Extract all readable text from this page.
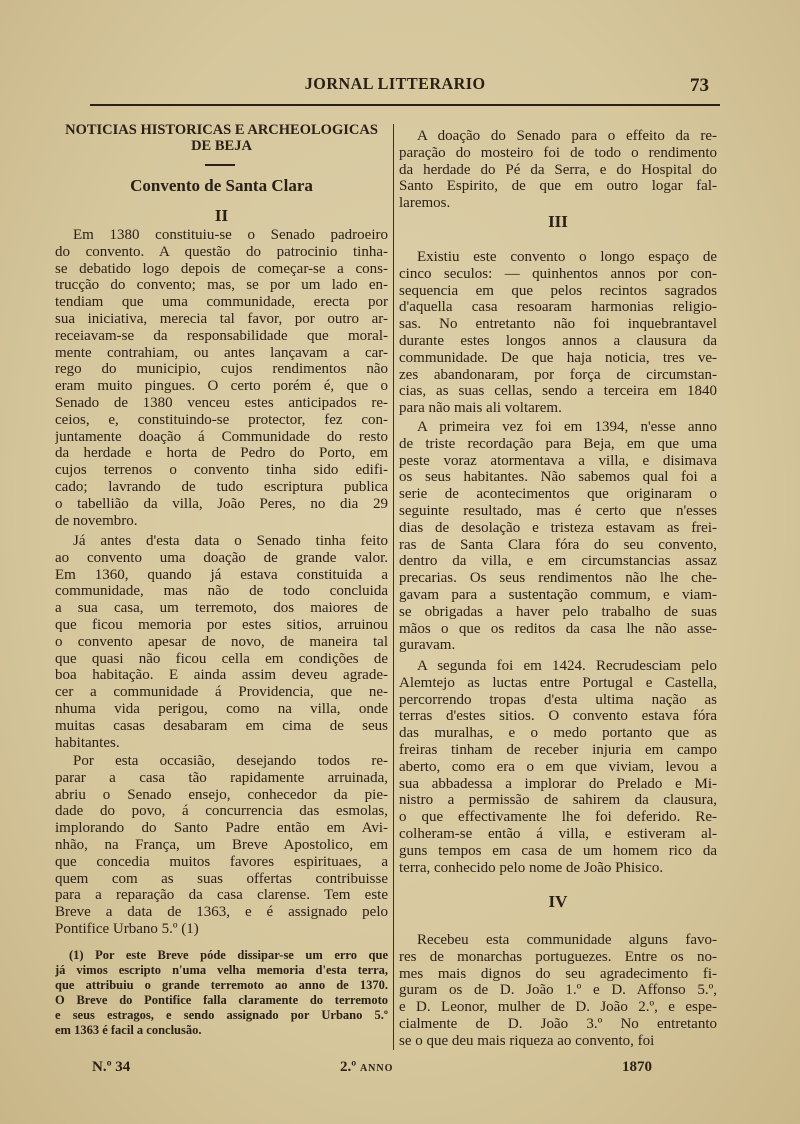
JORNAL LITTERARIO	73
NOTICIAS HISTORICAS E ARCHEOLOGICAS
DE BEJA
Convento de Santa Clara
II
Em 1380 constituiu-se o Senado padroeiro
do convento. A questão do patrocinio tinha-
se debatido logo depois de começar-se a cons-
trucção do convento; mas, se por um lado en-
tendiam que uma communidade, erecta por
sua iniciativa, merecia tal favor, por outro ar-
receiavam-se da responsabilidade que moral-
mente contrahiam, ou antes lançavam a car-
rego do municipio, cujos rendimentos não
eram muito pingues. O certo porém é, que o
Senado de 1380 venceu estes anticipados re-
ceios, e, constituindo-se protector, fez con-
juntamente doação á Communidade do resto
da herdade e horta de Pedro do Porto, em
cujos terrenos o convento tinha sido edifi-
cado; lavrando de tudo escriptura publica
o tabellião da villa, João Peres, no dia 29
de novembro.
Já antes d'esta data o Senado tinha feito
ao convento uma doação de grande valor.
Em 1360, quando já estava constituida a
communidade, mas não de todo concluida
a sua casa, um terremoto, dos maiores de
que ficou memoria por estes sitios, arruinou
o convento apesar de novo, de maneira tal
que quasi não ficou cella em condições de
boa habitação. E ainda assim deveu agrade-
cer a communidade á Providencia, que ne-
nhuma vida perigou, como na villa, onde
muitas casas desabaram em cima de seus
habitantes.
Por esta occasião, desejando todos re-
parar a casa tão rapidamente arruinada,
abriu o Senado ensejo, conhecedor da pie-
dade do povo, á concurrencia das esmolas,
implorando do Santo Padre então em Avi-
nhão, na França, um Breve Apostolico, em
que concedia muitos favores espirituaes, a
quem com as suas offertas contribuisse
para a reparação da casa clarense. Tem este
Breve a data de 1363, e é assignado pelo
Pontifice Urbano 5.º (1)
(1) Por este Breve póde dissipar-se um erro que
já vimos escripto n'uma velha memoria d'esta terra,
que attribuiu o grande terremoto ao anno de 1370.
O Breve do Pontifice falla claramente do terremoto
e seus estragos, e sendo assignado por Urbano 5.º
em 1363 é facil a conclusão.
A doação do Senado para o effeito da re-
paração do mosteiro foi de todo o rendimento
da herdade do Pé da Serra, e do Hospital do
Santo Espirito, de que em outro logar fal-
laremos.
III
Existiu este convento o longo espaço de
cinco seculos: — quinhentos annos por con-
sequencia em que pelos recintos sagrados
d'aquella casa resoaram harmonias religio-
sas. No entretanto não foi inquebrantavel
durante estes longos annos a clausura da
communidade. De que haja noticia, tres ve-
zes abandonaram, por força de circumstan-
cias, as suas cellas, sendo a terceira em 1840
para não mais ali voltarem.
A primeira vez foi em 1394, n'esse anno
de triste recordação para Beja, em que uma
peste voraz atormentava a villa, e disimava
os seus habitantes. Não sabemos qual foi a
serie de acontecimentos que originaram o
seguinte resultado, mas é certo que n'esses
dias de desolação e tristeza estavam as frei-
ras de Santa Clara fóra do seu convento,
dentro da villa, e em circumstancias assaz
precarias. Os seus rendimentos não lhe che-
gavam para a sustentação commum, e viam-
se obrigadas a haver pelo trabalho de suas
mãos o que os reditos da casa lhe não asse-
guravam.
A segunda foi em 1424. Recrudesciam pelo
Alemtejo as luctas entre Portugal e Castella,
percorrendo tropas d'esta ultima nação as
terras d'estes sitios. O convento estava fóra
das muralhas, e o medo portanto que as
freiras tinham de receber injuria em campo
aberto, como era o em que viviam, levou a
sua abbadessa a implorar do Prelado e Mi-
nistro a permissão de sahirem da clausura,
o que effectivamente lhe foi deferido. Re-
colheram-se então á villa, e estiveram al-
guns tempos em casa de um homem rico da
terra, conhecido pelo nome de João Phisico.
IV
Recebeu esta communidade alguns favo-
res de monarchas portuguezes. Entre os no-
mes mais dignos do seu agradecimento fi-
guram os de D. João 1.º e D. Affonso 5.º,
e D. Leonor, mulher de D. João 2.º, e espe-
cialmente de D. João 3.º No entretanto
se o que deu mais riqueza ao convento, foi
N.º 34	2.º ANNO	1870
